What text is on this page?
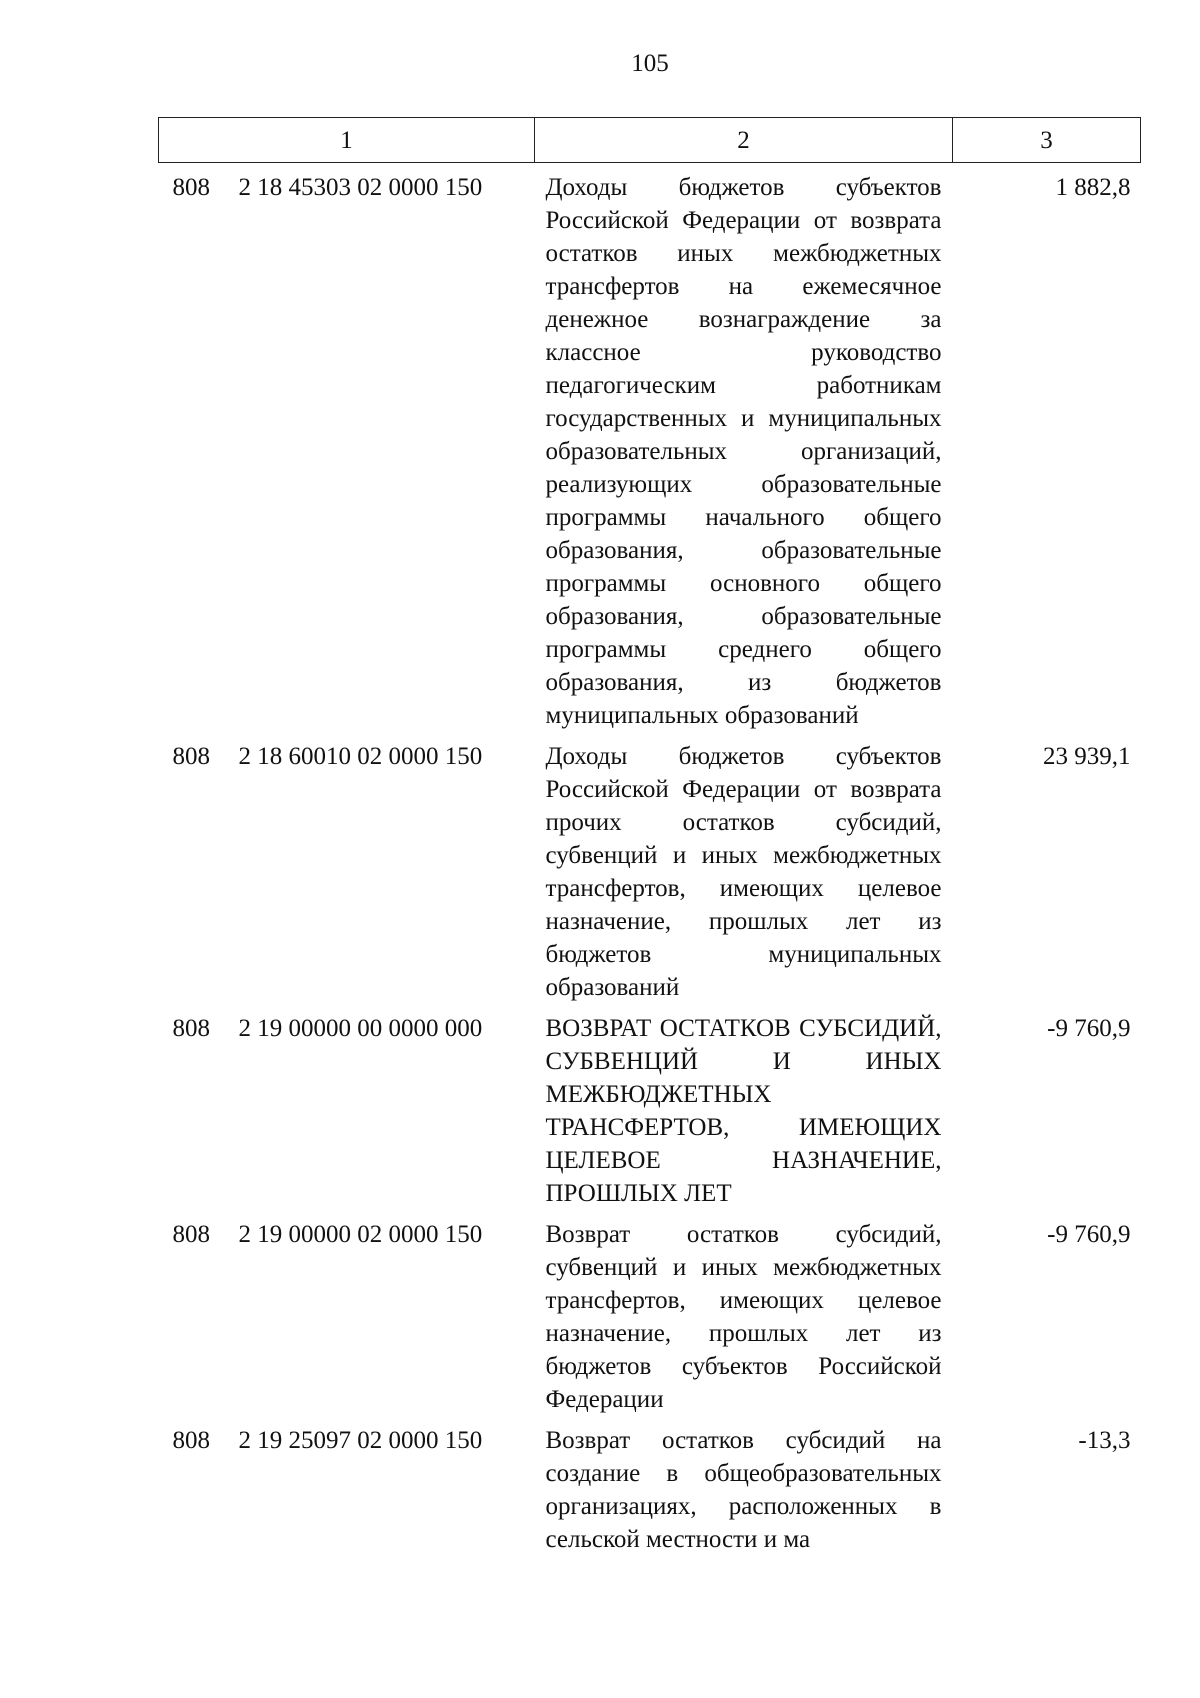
105
1	2	3
808 2 18 45303 02 0000 150	Доходы бюджетов субъектов Российской Федерации от возврата остатков иных межбюджетных трансфертов на ежемесячное денежное вознаграждение за классное руководство педагогическим работникам государственных и муниципальных образовательных организаций, реализующих образовательные программы начального общего образования, образовательные программы основного общего образования, образовательные программы среднего общего образования, из бюджетов муниципальных образований	1 882,8
808 2 18 60010 02 0000 150	Доходы бюджетов субъектов Российской Федерации от возврата прочих остатков субсидий, субвенций и иных межбюджетных трансфертов, имеющих целевое назначение, прошлых лет из бюджетов муниципальных образований	23 939,1
808 2 19 00000 00 0000 000	ВОЗВРАТ ОСТАТКОВ СУБСИДИЙ, СУБВЕНЦИЙ И ИНЫХ МЕЖБЮДЖЕТНЫХ ТРАНСФЕРТОВ, ИМЕЮЩИХ ЦЕЛЕВОЕ НАЗНАЧЕНИЕ, ПРОШЛЫХ ЛЕТ	-9 760,9
808 2 19 00000 02 0000 150	Возврат остатков субсидий, субвенций и иных межбюджетных трансфертов, имеющих целевое назначение, прошлых лет из бюджетов субъектов Российской Федерации	-9 760,9
808 2 19 25097 02 0000 150	Возврат остатков субсидий на создание в общеобразовательных организациях, расположенных в сельской местности и ма	-13,3
